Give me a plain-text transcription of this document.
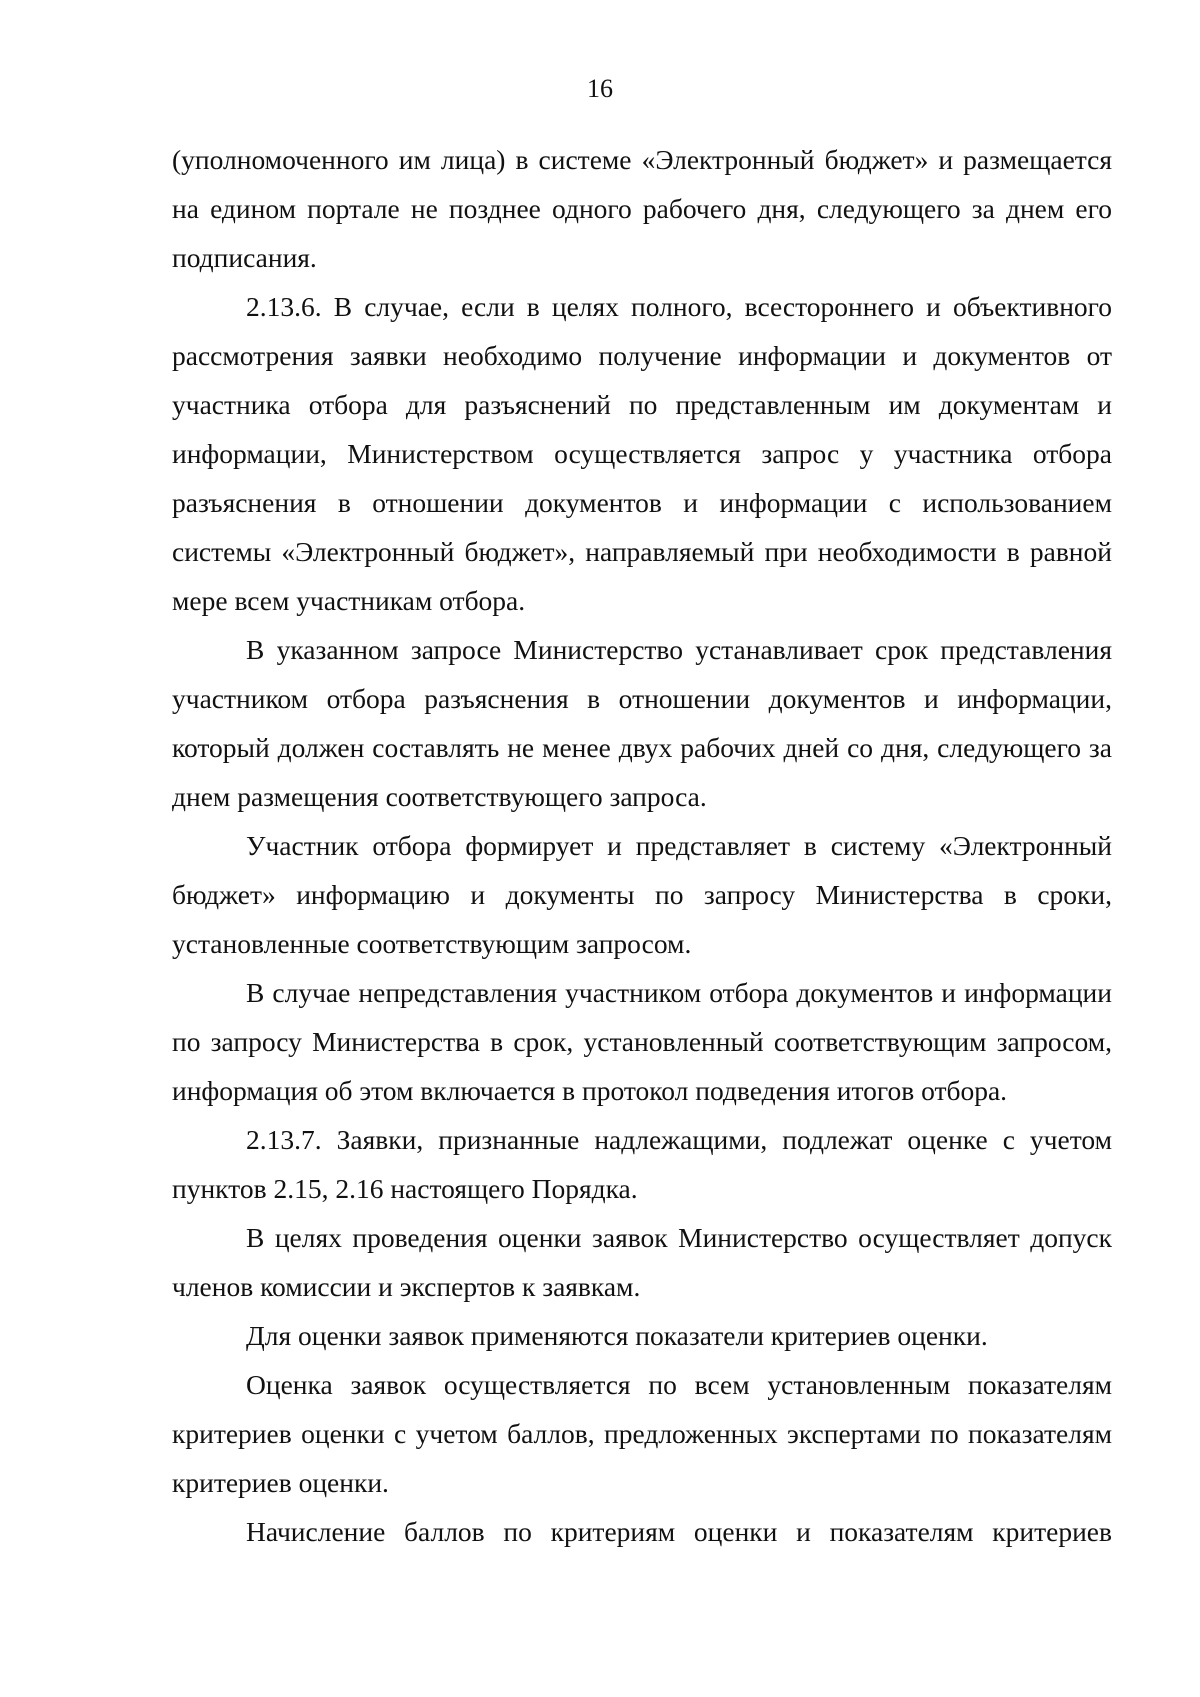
16

(уполномоченного им лица) в системе «Электронный бюджет» и размещается на едином портале не позднее одного рабочего дня, следующего за днем его подписания.

2.13.6. В случае, если в целях полного, всестороннего и объективного рассмотрения заявки необходимо получение информации и документов от участника отбора для разъяснений по представленным им документам и информации, Министерством осуществляется запрос у участника отбора разъяснения в отношении документов и информации с использованием системы «Электронный бюджет», направляемый при необходимости в равной мере всем участникам отбора.

В указанном запросе Министерство устанавливает срок представления участником отбора разъяснения в отношении документов и информации, который должен составлять не менее двух рабочих дней со дня, следующего за днем размещения соответствующего запроса.

Участник отбора формирует и представляет в систему «Электронный бюджет» информацию и документы по запросу Министерства в сроки, установленные соответствующим запросом.

В случае непредставления участником отбора документов и информации по запросу Министерства в срок, установленный соответствующим запросом, информация об этом включается в протокол подведения итогов отбора.

2.13.7. Заявки, признанные надлежащими, подлежат оценке с учетом пунктов 2.15, 2.16 настоящего Порядка.

В целях проведения оценки заявок Министерство осуществляет допуск членов комиссии и экспертов к заявкам.

Для оценки заявок применяются показатели критериев оценки.

Оценка заявок осуществляется по всем установленным показателям критериев оценки с учетом баллов, предложенных экспертами по показателям критериев оценки.

Начисление баллов по критериям оценки и показателям критериев
